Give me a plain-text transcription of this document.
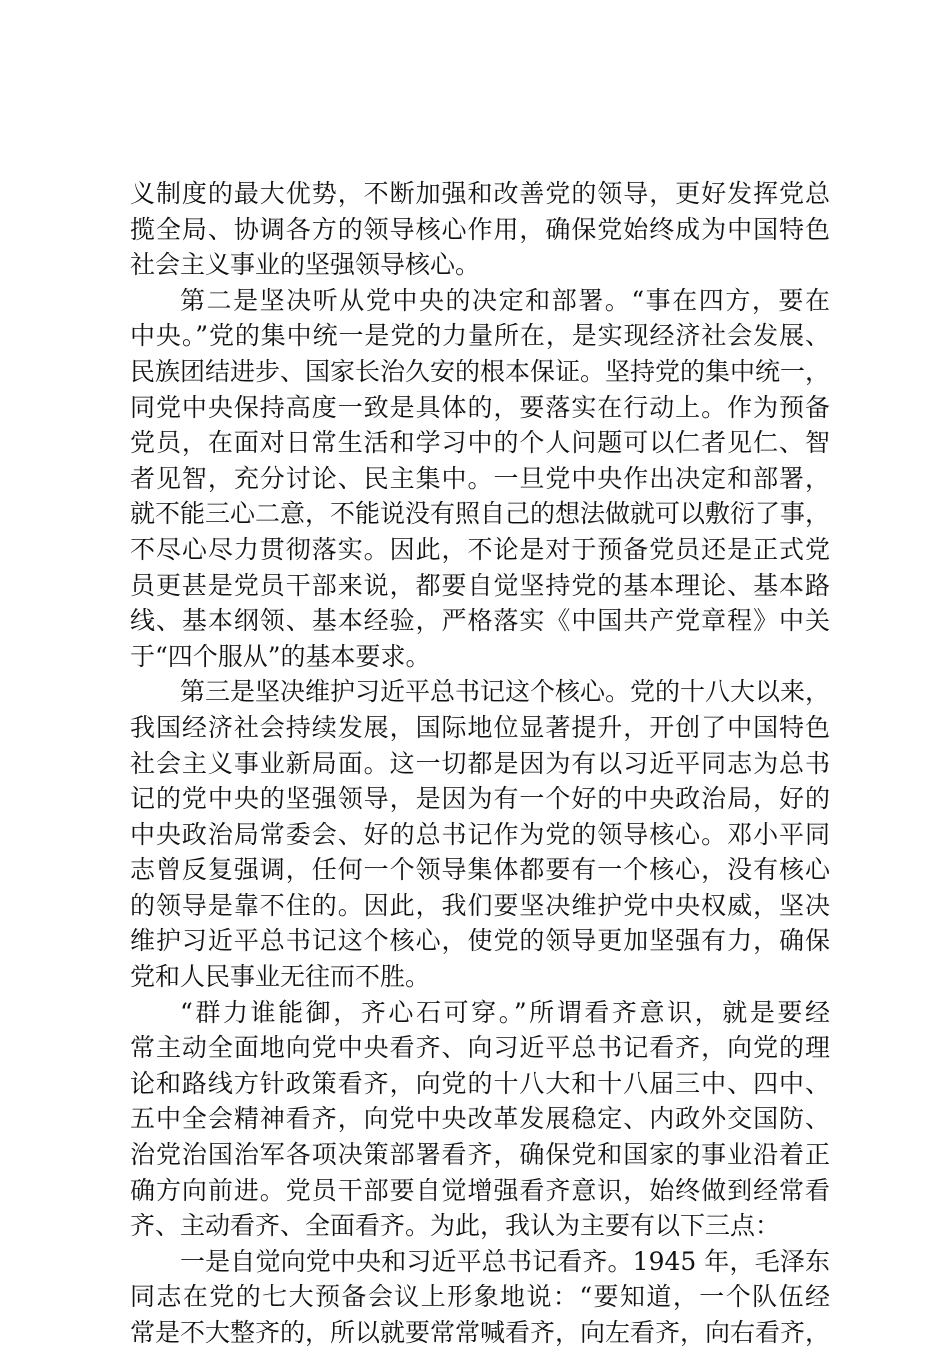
义制度的最大优势，不断加强和改善党的领导，更好发挥党总
揽全局、协调各方的领导核心作用，确保党始终成为中国特色
社会主义事业的坚强领导核心。
第二是坚决听从党中央的决定和部署。“事在四方，要在
中央。”党的集中统一是党的力量所在，是实现经济社会发展、
民族团结进步、国家长治久安的根本保证。坚持党的集中统一，
同党中央保持高度一致是具体的，要落实在行动上。作为预备
党员，在面对日常生活和学习中的个人问题可以仁者见仁、智
者见智，充分讨论、民主集中。一旦党中央作出决定和部署，
就不能三心二意，不能说没有照自己的想法做就可以敷衍了事，
不尽心尽力贯彻落实。因此，不论是对于预备党员还是正式党
员更甚是党员干部来说，都要自觉坚持党的基本理论、基本路
线、基本纲领、基本经验，严格落实《中国共产党章程》中关
于“四个服从”的基本要求。
第三是坚决维护习近平总书记这个核心。党的十八大以来，
我国经济社会持续发展，国际地位显著提升，开创了中国特色
社会主义事业新局面。这一切都是因为有以习近平同志为总书
记的党中央的坚强领导，是因为有一个好的中央政治局，好的
中央政治局常委会、好的总书记作为党的领导核心。邓小平同
志曾反复强调，任何一个领导集体都要有一个核心，没有核心
的领导是靠不住的。因此，我们要坚决维护党中央权威，坚决
维护习近平总书记这个核心，使党的领导更加坚强有力，确保
党和人民事业无往而不胜。
“群力谁能御，齐心石可穿。”所谓看齐意识，就是要经
常主动全面地向党中央看齐、向习近平总书记看齐，向党的理
论和路线方针政策看齐，向党的十八大和十八届三中、四中、
五中全会精神看齐，向党中央改革发展稳定、内政外交国防、
治党治国治军各项决策部署看齐，确保党和国家的事业沿着正
确方向前进。党员干部要自觉增强看齐意识，始终做到经常看
齐、主动看齐、全面看齐。为此，我认为主要有以下三点：
一是自觉向党中央和习近平总书记看齐。1945 年，毛泽东
同志在党的七大预备会议上形象地说：“要知道，一个队伍经
常是不大整齐的，所以就要常常喊看齐，向左看齐，向右看齐，
